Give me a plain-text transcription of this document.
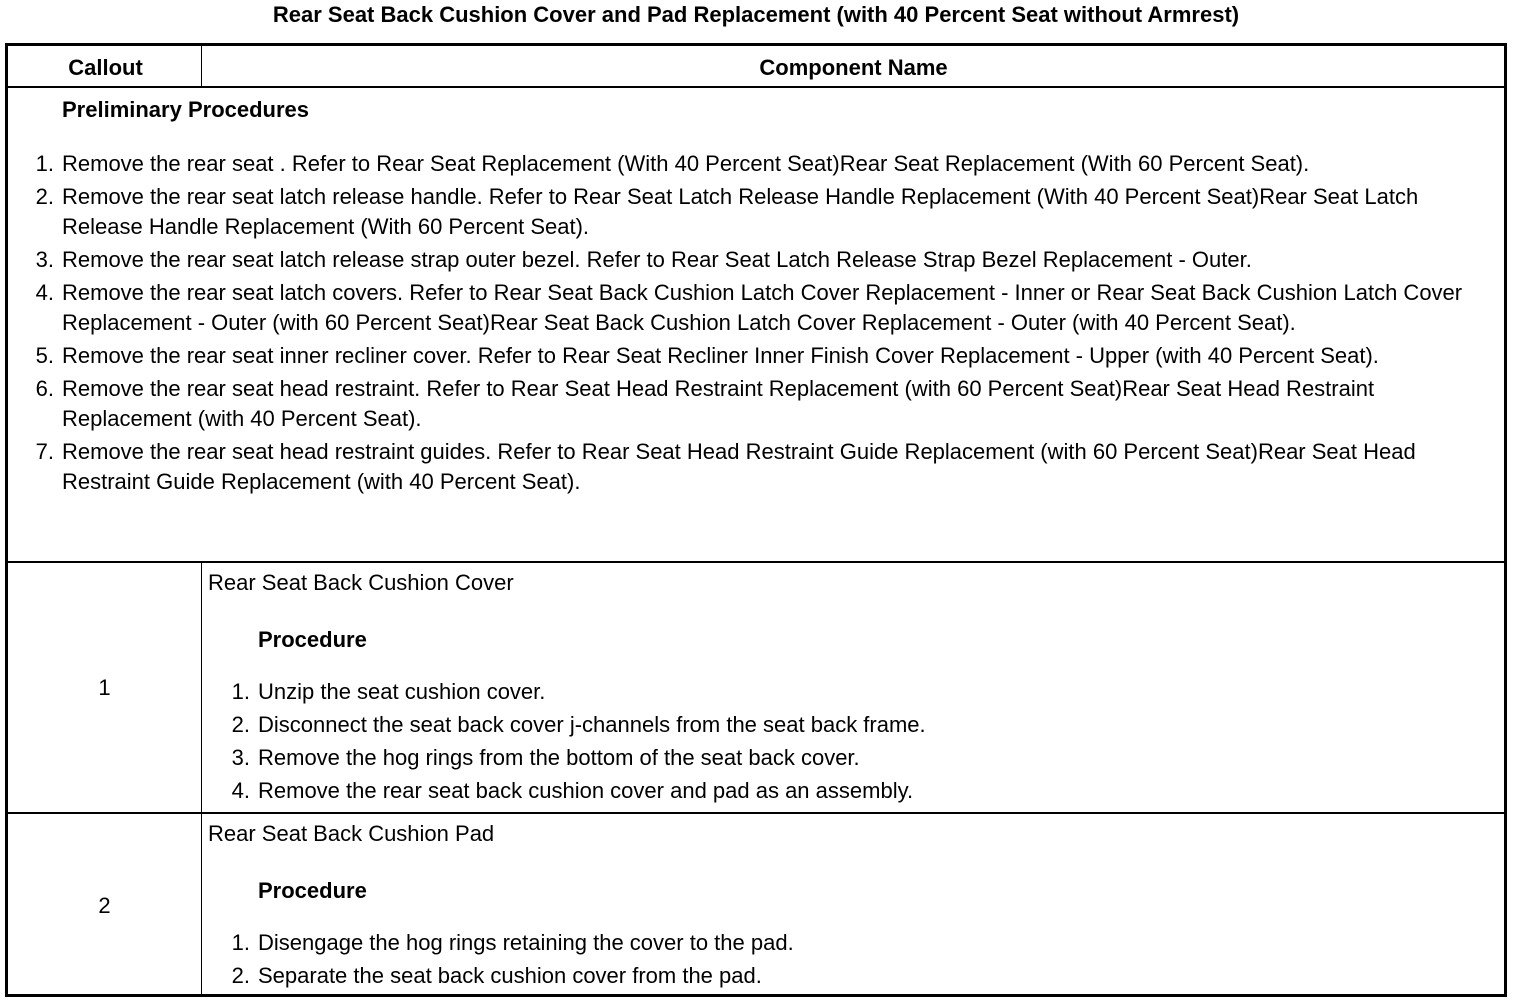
Rear Seat Back Cushion Cover and Pad Replacement (with 40 Percent Seat without Armrest)
Callout	Component Name
Preliminary Procedures
1. Remove the rear seat . Refer to Rear Seat Replacement (With 40 Percent Seat)Rear Seat Replacement (With 60 Percent Seat).
2. Remove the rear seat latch release handle. Refer to Rear Seat Latch Release Handle Replacement (With 40 Percent Seat)Rear Seat Latch Release Handle Replacement (With 60 Percent Seat).
3. Remove the rear seat latch release strap outer bezel. Refer to Rear Seat Latch Release Strap Bezel Replacement - Outer.
4. Remove the rear seat latch covers. Refer to Rear Seat Back Cushion Latch Cover Replacement - Inner or Rear Seat Back Cushion Latch Cover Replacement - Outer (with 60 Percent Seat)Rear Seat Back Cushion Latch Cover Replacement - Outer (with 40 Percent Seat).
5. Remove the rear seat inner recliner cover. Refer to Rear Seat Recliner Inner Finish Cover Replacement - Upper (with 40 Percent Seat).
6. Remove the rear seat head restraint. Refer to Rear Seat Head Restraint Replacement (with 60 Percent Seat)Rear Seat Head Restraint Replacement (with 40 Percent Seat).
7. Remove the rear seat head restraint guides. Refer to Rear Seat Head Restraint Guide Replacement (with 60 Percent Seat)Rear Seat Head Restraint Guide Replacement (with 40 Percent Seat).
1
Rear Seat Back Cushion Cover
Procedure
1. Unzip the seat cushion cover.
2. Disconnect the seat back cover j-channels from the seat back frame.
3. Remove the hog rings from the bottom of the seat back cover.
4. Remove the rear seat back cushion cover and pad as an assembly.
2
Rear Seat Back Cushion Pad
Procedure
1. Disengage the hog rings retaining the cover to the pad.
2. Separate the seat back cushion cover from the pad.
